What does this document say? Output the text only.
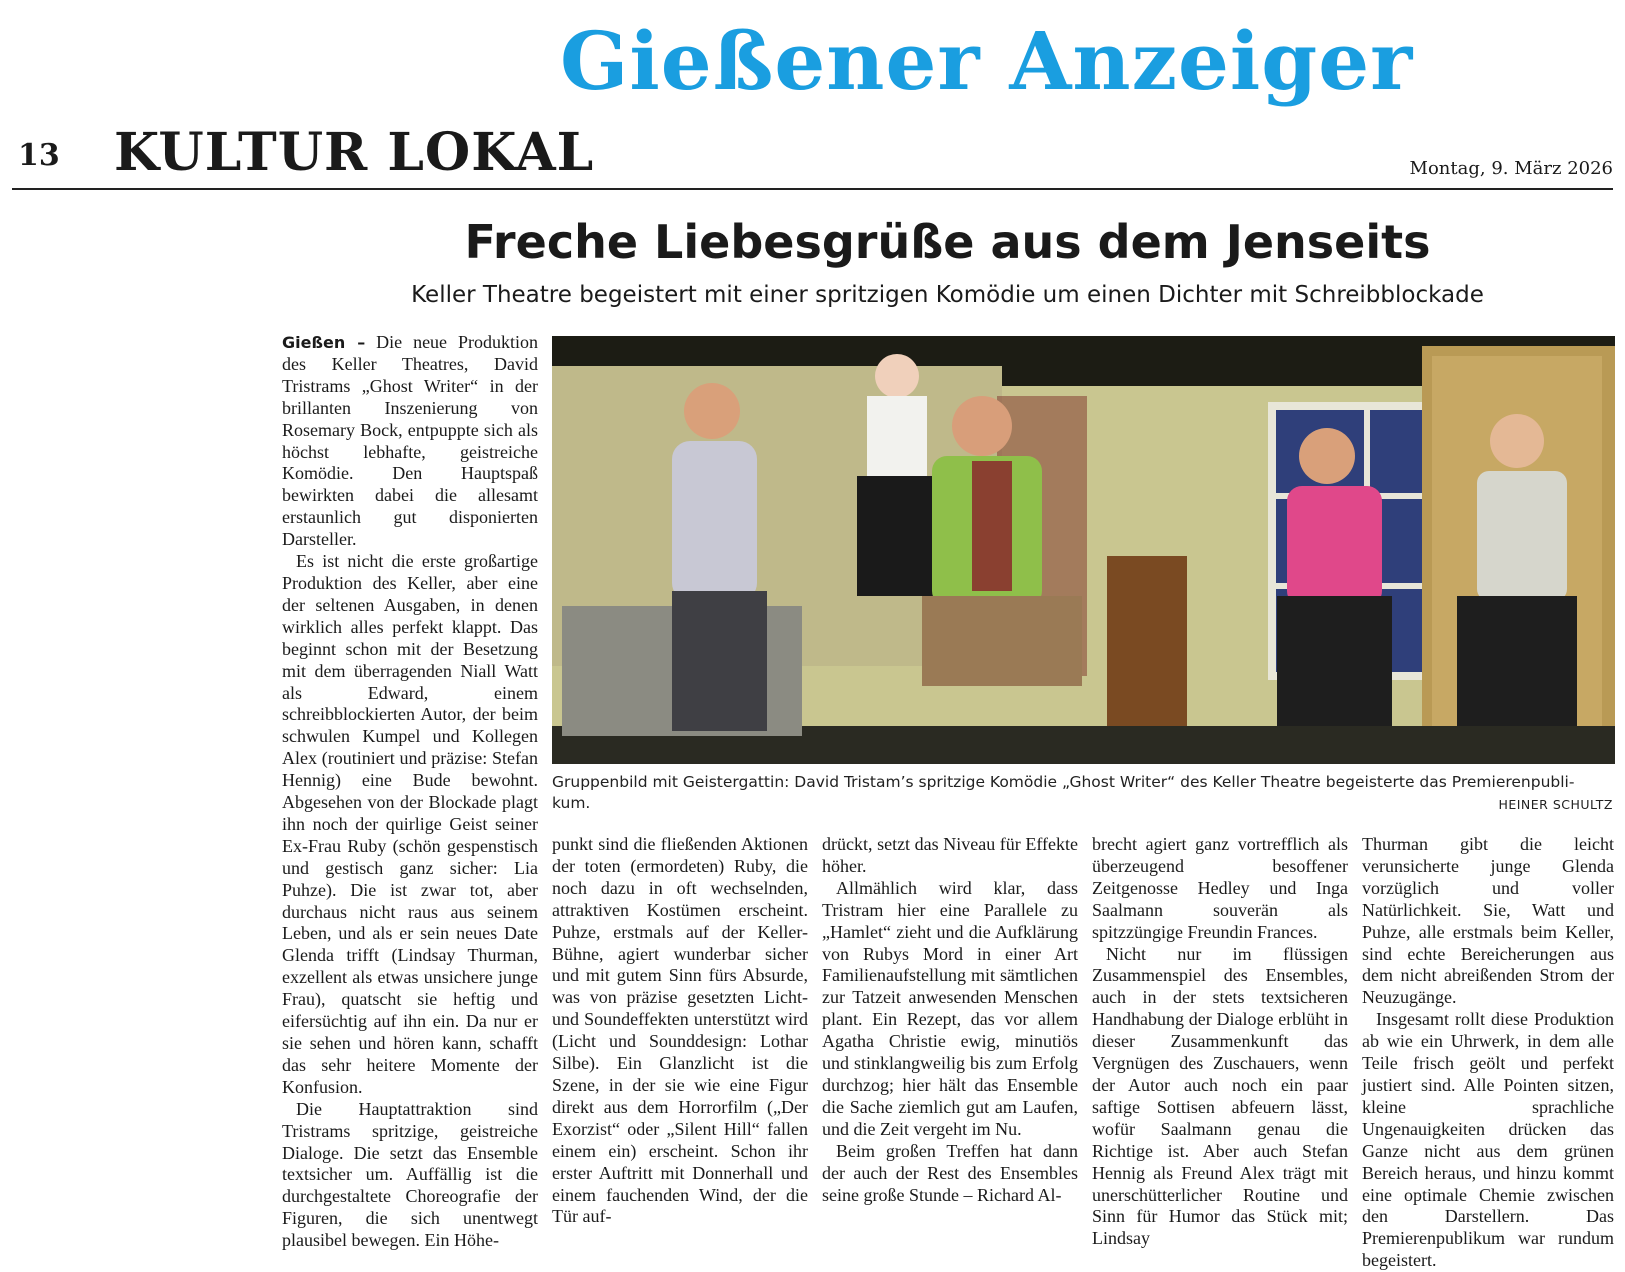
Gießener Anzeiger
13 KULTUR LOKAL	Montag, 9. März 2026
Freche Liebesgrüße aus dem Jenseits
Keller Theatre begeistert mit einer spritzigen Komödie um einen Dichter mit Schreibblockade

Gießen – Die neue Produktion des Keller Theatres, David Tristrams „Ghost Writer“ in der brillanten Inszenierung von Rosemary Bock, entpuppte sich als höchst lebhafte, geistreiche Komödie. Den Hauptspaß bewirkten dabei die allesamt erstaunlich gut disponierten Darsteller.

Es ist nicht die erste großartige Produktion des Keller, aber eine der seltenen Ausgaben, in denen wirklich alles perfekt klappt. Das beginnt schon mit der Besetzung mit dem überragenden Niall Watt als Edward, einem schreibblockierten Autor, der beim schwulen Kumpel und Kollegen Alex (routiniert und präzise: Stefan Hennig) eine Bude bewohnt. Abgesehen von der Blockade plagt ihn noch der quirlige Geist seiner Ex-Frau Ruby (schön gespenstisch und gestisch ganz sicher: Lia Puhze). Die ist zwar tot, aber durchaus nicht raus aus seinem Leben, und als er sein neues Date Glenda trifft (Lindsay Thurman, exzellent als etwas unsichere junge Frau), quatscht sie heftig und eifersüchtig auf ihn ein. Da nur er sie sehen und hören kann, schafft das sehr heitere Momente der Konfusion.

Die Hauptattraktion sind Tristrams spritzige, geistreiche Dialoge. Die setzt das Ensemble textsicher um. Auffällig ist die durchgestaltete Choreografie der Figuren, die sich unentwegt plausibel bewegen. Ein Höhe-

Gruppenbild mit Geistergattin: David Tristam’s spritzige Komödie „Ghost Writer“ des Keller Theatre begeisterte das Premierenpubli-
kum.	HEINER SCHULTZ

punkt sind die fließenden Aktionen der toten (ermordeten) Ruby, die noch dazu in oft wechselnden, attraktiven Kostümen erscheint. Puhze, erstmals auf der Keller-Bühne, agiert wunderbar sicher und mit gutem Sinn fürs Absurde, was von präzise gesetzten Licht- und Soundeffekten unterstützt wird (Licht und Sounddesign: Lothar Silbe). Ein Glanzlicht ist die Szene, in der sie wie eine Figur direkt aus dem Horrorfilm („Der Exorzist“ oder „Silent Hill“ fallen einem ein) erscheint. Schon ihr erster Auftritt mit Donnerhall und einem fauchenden Wind, der die Tür auf-

drückt, setzt das Niveau für Effekte höher.

Allmählich wird klar, dass Tristram hier eine Parallele zu „Hamlet“ zieht und die Aufklärung von Rubys Mord in einer Art Familienaufstellung mit sämtlichen zur Tatzeit anwesenden Menschen plant. Ein Rezept, das vor allem Agatha Christie ewig, minutiös und stinklangweilig bis zum Erfolg durchzog; hier hält das Ensemble die Sache ziemlich gut am Laufen, und die Zeit vergeht im Nu.

Beim großen Treffen hat dann der auch der Rest des Ensembles seine große Stunde – Richard Al-

brecht agiert ganz vortrefflich als überzeugend besoffener Zeitgenosse Hedley und Inga Saalmann souverän als spitzzüngige Freundin Frances.

Nicht nur im flüssigen Zusammenspiel des Ensembles, auch in der stets textsicheren Handhabung der Dialoge erblüht in dieser Zusammenkunft das Vergnügen des Zuschauers, wenn der Autor auch noch ein paar saftige Sottisen abfeuern lässt, wofür Saalmann genau die Richtige ist. Aber auch Stefan Hennig als Freund Alex trägt mit unerschütterlicher Routine und Sinn für Humor das Stück mit; Lindsay

Thurman gibt die leicht verunsicherte junge Glenda vorzüglich und voller Natürlichkeit. Sie, Watt und Puhze, alle erstmals beim Keller, sind echte Bereicherungen aus dem nicht abreißenden Strom der Neuzugänge.

Insgesamt rollt diese Produktion ab wie ein Uhrwerk, in dem alle Teile frisch geölt und perfekt justiert sind. Alle Pointen sitzen, kleine sprachliche Ungenauigkeiten drücken das Ganze nicht aus dem grünen Bereich heraus, und hinzu kommt eine optimale Chemie zwischen den Darstellern. Das Premierenpublikum war rundum begeistert.
